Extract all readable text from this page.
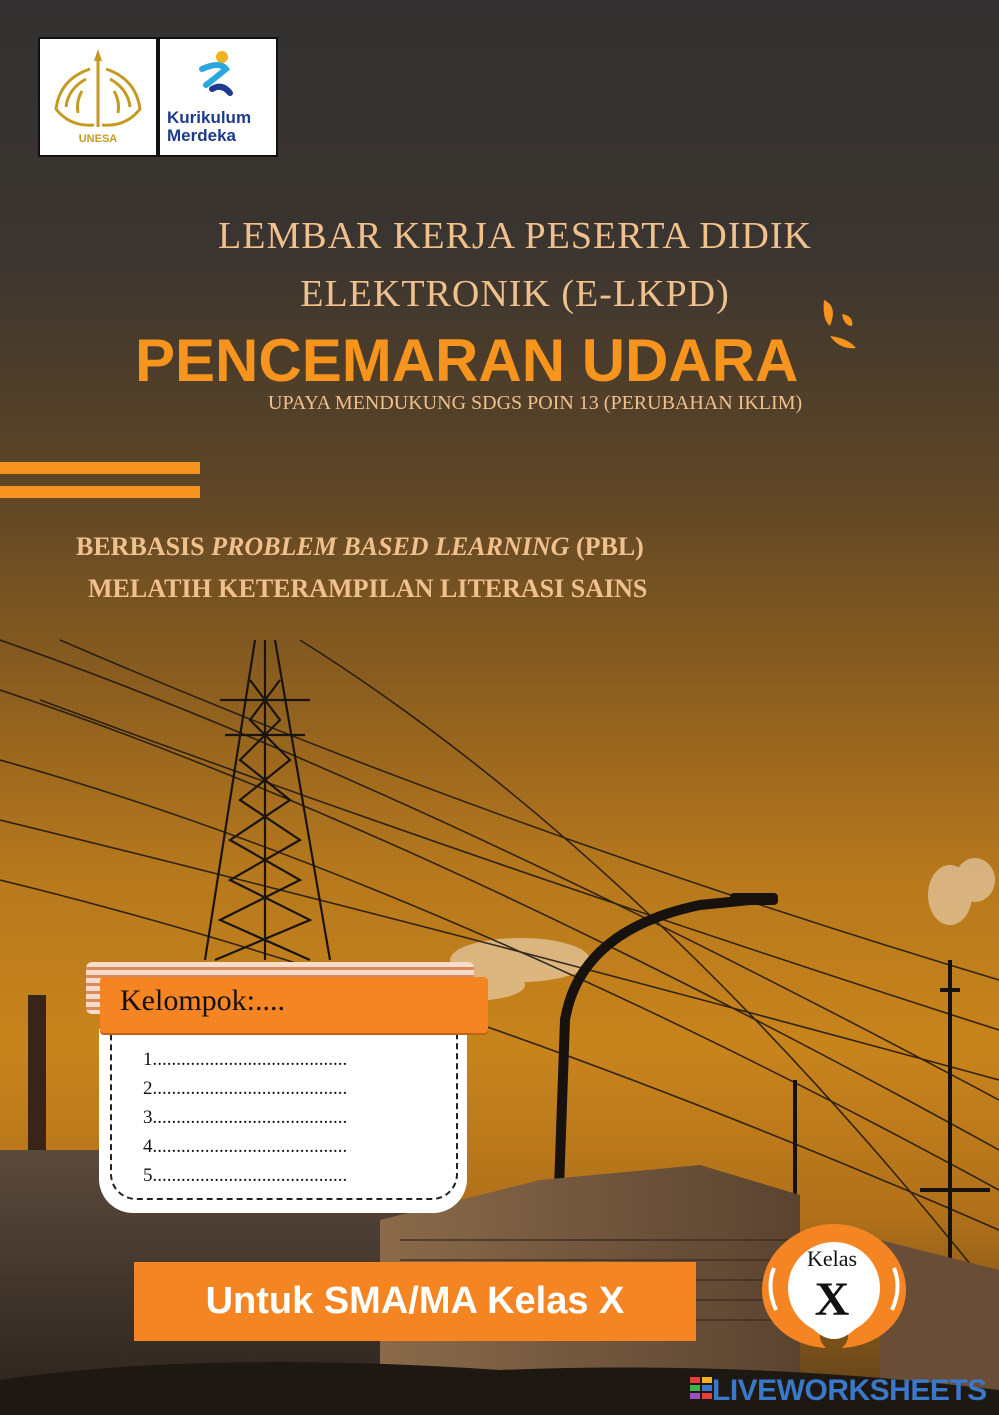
UNESA
Kurikulum
Merdeka
LEMBAR KERJA PESERTA DIDIK
ELEKTRONIK (E-LKPD)
PENCEMARAN UDARA
UPAYA MENDUKUNG SDGS POIN 13 (PERUBAHAN IKLIM)
BERBASIS PROBLEM BASED LEARNING (PBL)
MELATIH KETERAMPILAN LITERASI SAINS
Kelompok:....
1.........................................
2.........................................
3.........................................
4.........................................
5.........................................
Untuk SMA/MA Kelas X
Kelas
X
LIVEWORKSHEETS
